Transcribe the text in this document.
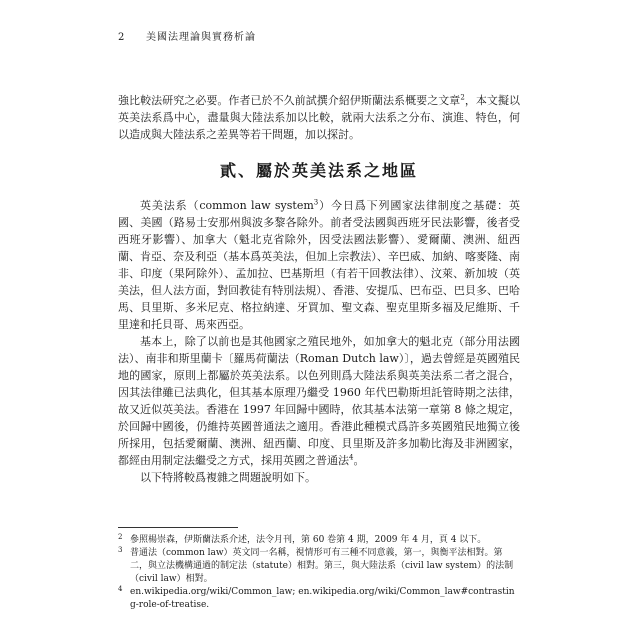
2 美國法理論與實務析論

強比較法研究之必要。作者已於不久前試撰介紹伊斯蘭法系概要之文章$^2$，本文擬以英美法系爲中心，盡量與大陸法系加以比較，就兩大法系之分布、演進、特色，何以造成與大陸法系之差異等若干問題，加以探討。

貳、屬於英美法系之地區

英美法系（common law system$^3$）今日爲下列國家法律制度之基礎：英國、美國（路易士安那州與波多黎各除外。前者受法國與西班牙民法影響，後者受西班牙影響）、加拿大（魁北克省除外，因受法國法影響）、愛爾蘭、澳洲、紐西蘭、肯亞、奈及利亞（基本爲英美法，但加上宗教法）、辛巴威、加納、喀麥隆、南非、印度（果阿除外）、孟加拉、巴基斯坦（有若干回教法律）、汶萊、新加坡（英美法，但人法方面，對回教徒有特別法規）、香港、安提瓜、巴布亞、巴貝多、巴哈馬、貝里斯、多米尼克、格拉納達、牙買加、聖文森、聖克里斯多福及尼維斯、千里達和托貝哥、馬來西亞。

基本上，除了以前也是其他國家之殖民地外，如加拿大的魁北克（部分用法國法）、南非和斯里蘭卡〔羅馬荷蘭法（Roman Dutch law）〕，過去曾經是英國殖民地的國家，原則上都屬於英美法系。以色列則爲大陸法系與英美法系二者之混合，因其法律雖已法典化，但其基本原理乃繼受 1960 年代巴勒斯坦託管時期之法律，故又近似英美法。香港在 1997 年回歸中國時，依其基本法第一章第 8 條之規定，於回歸中國後，仍維持英國普通法之適用。香港此種模式爲許多英國殖民地獨立後所採用，包括愛爾蘭、澳洲、紐西蘭、印度、貝里斯及許多加勒比海及非洲國家，都經由用制定法繼受之方式，採用英國之普通法$^4$。

以下特將較爲複雜之問題說明如下。

2 參照楊崇森，伊斯蘭法系介述，法令月刊，第 60 卷第 4 期，2009 年 4 月，頁 4 以下。

3 普通法（common law）英文同一名稱，視情形可有三種不同意義，第一，與衡平法相對。第二，與立法機構通過的制定法（statute）相對。第三，與大陸法系（civil law system）的法制（civil law）相對。

4 en.wikipedia.org/wiki/Common_law; en.wikipedia.org/wiki/Common_law#contrasting-role-of-treatise.
